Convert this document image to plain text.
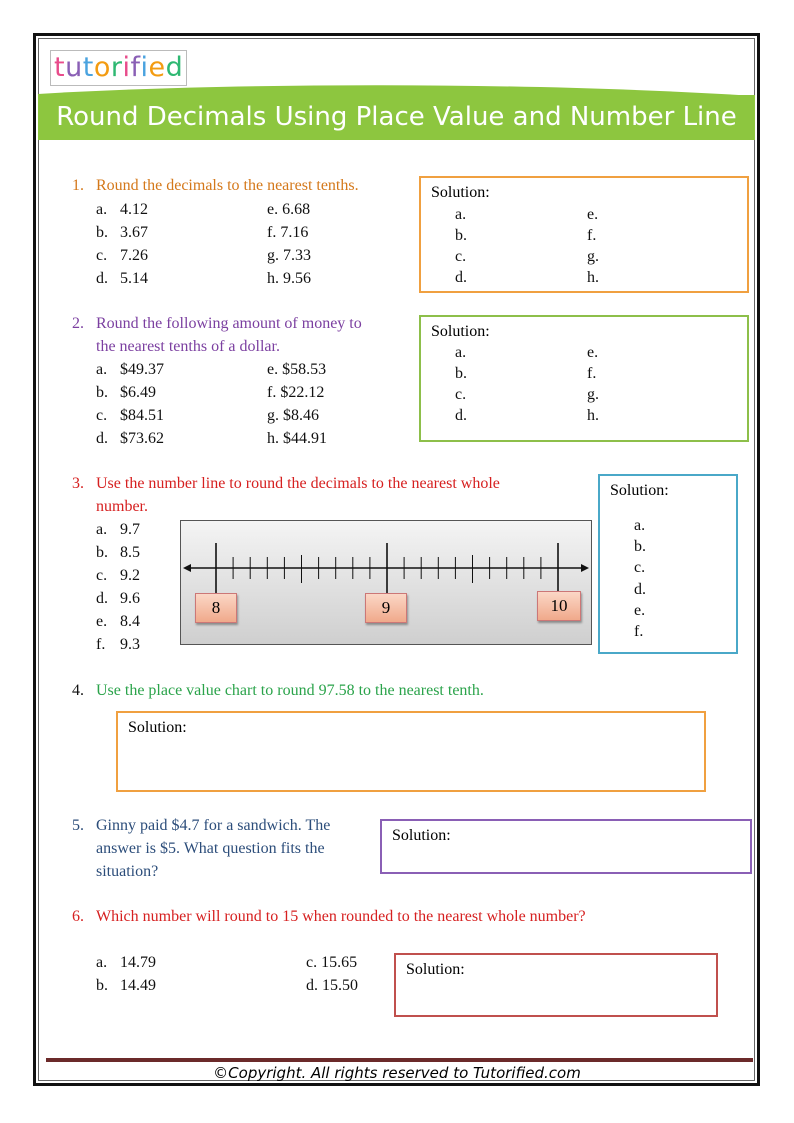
tutorified
Round Decimals Using Place Value and Number Line
1. Round the decimals to the nearest tenths.	Solution:
2. Round the following amount of money to
the nearest tenths of a dollar.
Solution:
3. Use the number line to round the decimals to the nearest whole
number.
8	9	10
Solution:
4. Use the place value chart to round 97.58 to the nearest tenth.
Solution:
5. Ginny paid $4.7 for a sandwich. The
answer is $5. What question fits the
situation?
Solution:
6. Which number will round to 15 when rounded to the nearest whole number?
Solution:
©Copyright. All rights reserved to Tutorified.com
a. 4.12	e. 6.68
b. 3.67	f. 7.16
c. 7.26	g. 7.33
d. 5.14	h. 9.56
a.	e.
b.	f.
c.	g.
d.	h.
a. $49.37	e. $58.53
b. $6.49	f. $22.12
c. $84.51	g. $8.46
d. $73.62	h. $44.91
a.	e.
b.	f.
c.	g.
d.	h.
a. 9.7
b. 8.5
c. 9.2
d. 9.6
e. 8.4
f. 9.3
a.
b.
c.
d.
e.
f.
a. 14.79	c. 15.65
b. 14.49	d. 15.50
